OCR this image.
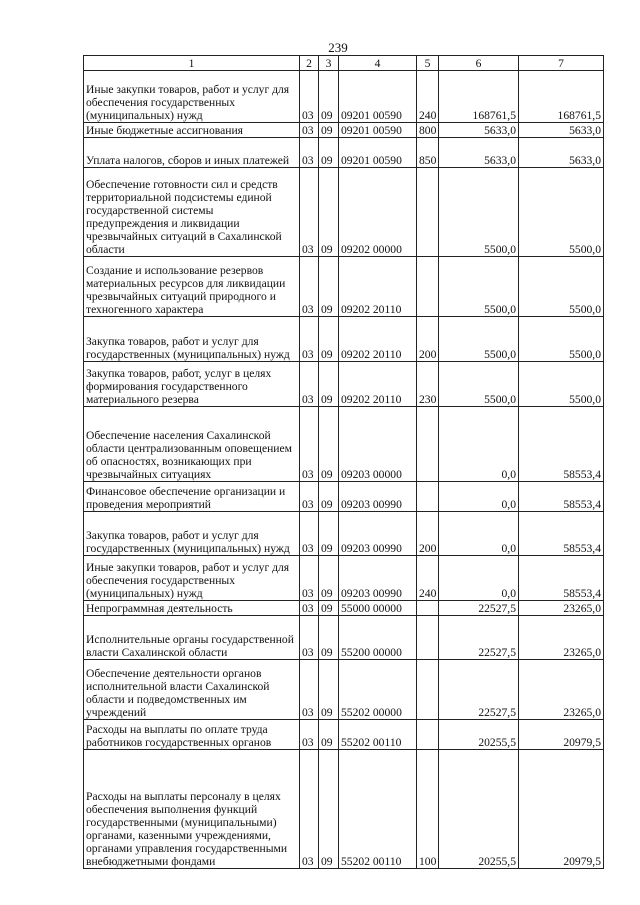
239
1	2	3	4	5	6	7
Иные закупки товаров, работ и услуг для обеспечения государственных (муниципальных) нужд	03	09	09201 00590	240	168761,5	168761,5
Иные бюджетные ассигнования	03	09	09201 00590	800	5633,0	5633,0
Уплата налогов, сборов и иных платежей	03	09	09201 00590	850	5633,0	5633,0
Обеспечение готовности сил и средств территориальной подсистемы единой государственной системы предупреждения и ликвидации чрезвычайных ситуаций в Сахалинской области	03	09	09202 00000		5500,0	5500,0
Создание и использование резервов материальных ресурсов для ликвидации чрезвычайных ситуаций природного и техногенного характера	03	09	09202 20110		5500,0	5500,0
Закупка товаров, работ и услуг для государственных (муниципальных) нужд	03	09	09202 20110	200	5500,0	5500,0
Закупка товаров, работ, услуг в целях формирования государственного материального резерва	03	09	09202 20110	230	5500,0	5500,0
Обеспечение населения Сахалинской области централизованным оповещением об опасностях, возникающих при чрезвычайных ситуациях	03	09	09203 00000		0,0	58553,4
Финансовое обеспечение организации и проведения мероприятий	03	09	09203 00990		0,0	58553,4
Закупка товаров, работ и услуг для государственных (муниципальных) нужд	03	09	09203 00990	200	0,0	58553,4
Иные закупки товаров, работ и услуг для обеспечения государственных (муниципальных) нужд	03	09	09203 00990	240	0,0	58553,4
Непрограммная деятельность	03	09	55000 00000		22527,5	23265,0
Исполнительные органы государственной власти Сахалинской области	03	09	55200 00000		22527,5	23265,0
Обеспечение деятельности органов исполнительной власти Сахалинской области и подведомственных им учреждений	03	09	55202 00000		22527,5	23265,0
Расходы на выплаты по оплате труда работников государственных органов	03	09	55202 00110		20255,5	20979,5
Расходы на выплаты персоналу в целях обеспечения выполнения функций государственными (муниципальными) органами, казенными учреждениями, органами управления государственными внебюджетными фондами	03	09	55202 00110	100	20255,5	20979,5
